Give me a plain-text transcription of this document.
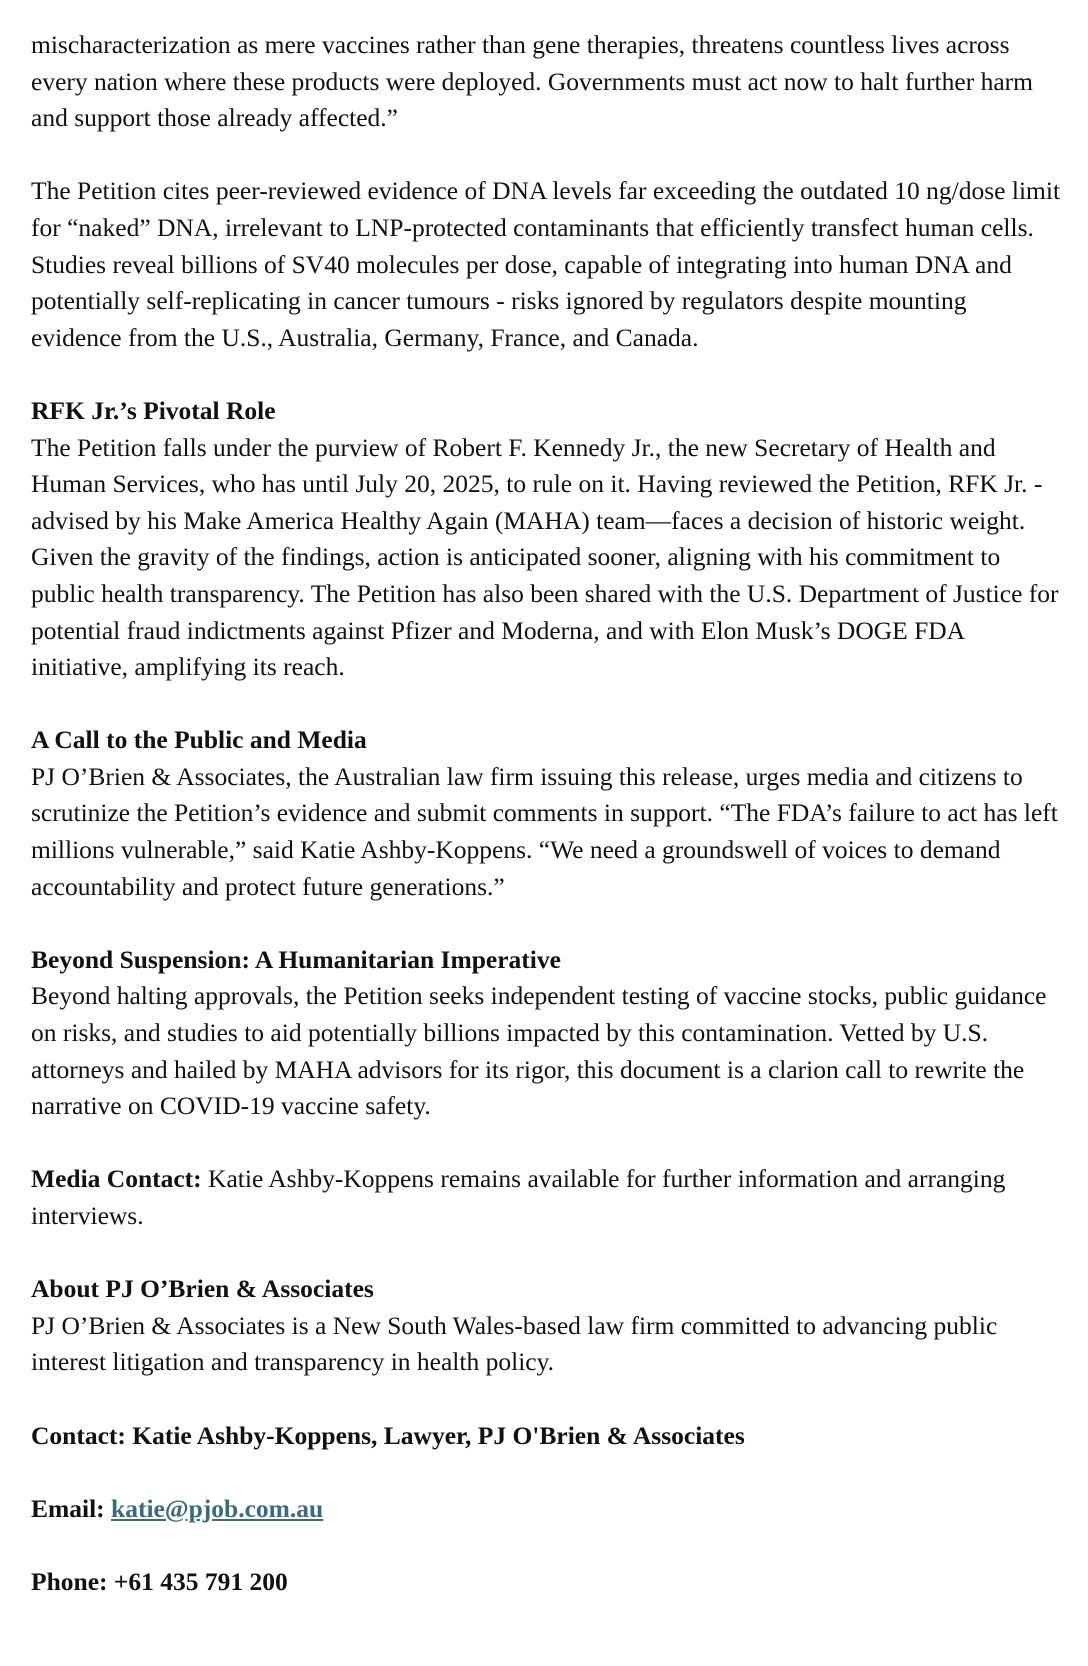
mischaracterization as mere vaccines rather than gene therapies, threatens countless lives across every nation where these products were deployed. Governments must act now to halt further harm and support those already affected.”

The Petition cites peer-reviewed evidence of DNA levels far exceeding the outdated 10 ng/dose limit for “naked” DNA, irrelevant to LNP-protected contaminants that efficiently transfect human cells. Studies reveal billions of SV40 molecules per dose, capable of integrating into human DNA and potentially self-replicating in cancer tumours - risks ignored by regulators despite mounting evidence from the U.S., Australia, Germany, France, and Canada.

RFK Jr.’s Pivotal Role
The Petition falls under the purview of Robert F. Kennedy Jr., the new Secretary of Health and Human Services, who has until July 20, 2025, to rule on it. Having reviewed the Petition, RFK Jr. - advised by his Make America Healthy Again (MAHA) team—faces a decision of historic weight. Given the gravity of the findings, action is anticipated sooner, aligning with his commitment to public health transparency. The Petition has also been shared with the U.S. Department of Justice for potential fraud indictments against Pfizer and Moderna, and with Elon Musk’s DOGE FDA initiative, amplifying its reach.

A Call to the Public and Media
PJ O’Brien & Associates, the Australian law firm issuing this release, urges media and citizens to scrutinize the Petition’s evidence and submit comments in support. “The FDA’s failure to act has left millions vulnerable,” said Katie Ashby-Koppens. “We need a groundswell of voices to demand accountability and protect future generations.”

Beyond Suspension: A Humanitarian Imperative
Beyond halting approvals, the Petition seeks independent testing of vaccine stocks, public guidance on risks, and studies to aid potentially billions impacted by this contamination. Vetted by U.S. attorneys and hailed by MAHA advisors for its rigor, this document is a clarion call to rewrite the narrative on COVID-19 vaccine safety.

Media Contact: Katie Ashby-Koppens remains available for further information and arranging interviews.

About PJ O’Brien & Associates
PJ O’Brien & Associates is a New South Wales-based law firm committed to advancing public interest litigation and transparency in health policy.

Contact: Katie Ashby-Koppens, Lawyer, PJ O'Brien & Associates

Email: katie@pjob.com.au

Phone: +61 435 791 200
